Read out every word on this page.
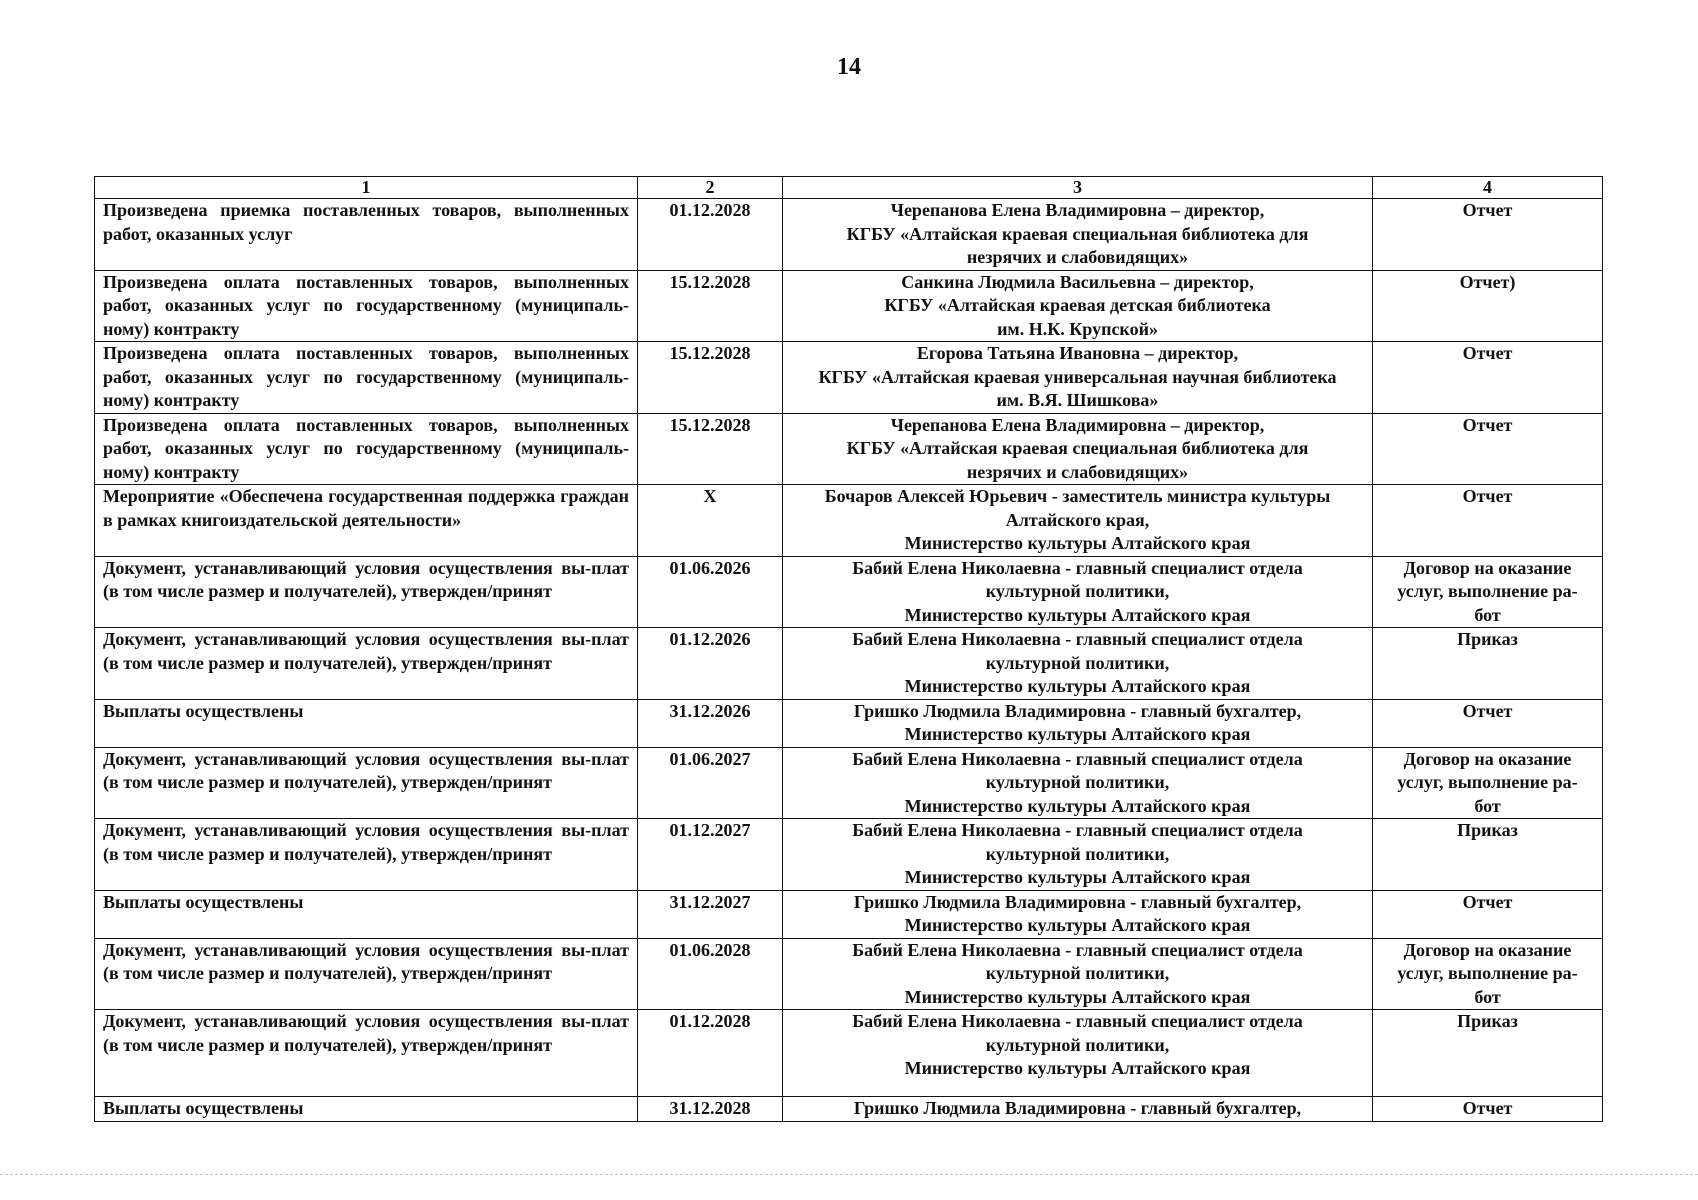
14
1	2	3	4
Произведена приемка поставленных товаров, выполненных работ, оказанных услуг	01.12.2028	Черепанова Елена Владимировна – директор,
КГБУ «Алтайская краевая специальная библиотека для
незрячих и слабовидящих»	Отчет

Произведена оплата поставленных товаров, выполненных работ, оказанных услуг по государственному (муниципаль-ному) контракту	15.12.2028	Санкина Людмила Васильевна – директор,
КГБУ «Алтайская краевая детская библиотека
им. Н.К. Крупской»	Отчет)

Произведена оплата поставленных товаров, выполненных работ, оказанных услуг по государственному (муниципаль-ному) контракту	15.12.2028	Егорова Татьяна Ивановна – директор,
КГБУ «Алтайская краевая универсальная научная библиотека
им. В.Я. Шишкова»	Отчет

Произведена оплата поставленных товаров, выполненных работ, оказанных услуг по государственному (муниципаль-ному) контракту	15.12.2028	Черепанова Елена Владимировна – директор,
КГБУ «Алтайская краевая специальная библиотека для
незрячих и слабовидящих»	Отчет

Мероприятие «Обеспечена государственная поддержка граждан в рамках книгоиздательской деятельности»	Х	Бочаров Алексей Юрьевич - заместитель министра культуры
Алтайского края,
Министерство культуры Алтайского края	Отчет

Документ, устанавливающий условия осуществления вы-плат (в том числе размер и получателей), утвержден/принят	01.06.2026	Бабий Елена Николаевна - главный специалист отдела
культурной политики,
Министерство культуры Алтайского края	Договор на оказание
услуг, выполнение ра-
бот

Документ, устанавливающий условия осуществления вы-плат (в том числе размер и получателей), утвержден/принят	01.12.2026	Бабий Елена Николаевна - главный специалист отдела
культурной политики,
Министерство культуры Алтайского края	Приказ

Выплаты осуществлены	31.12.2026	Гришко Людмила Владимировна - главный бухгалтер,
Министерство культуры Алтайского края	Отчет

Документ, устанавливающий условия осуществления вы-плат (в том числе размер и получателей), утвержден/принят	01.06.2027	Бабий Елена Николаевна - главный специалист отдела
культурной политики,
Министерство культуры Алтайского края	Договор на оказание
услуг, выполнение ра-
бот

Документ, устанавливающий условия осуществления вы-плат (в том числе размер и получателей), утвержден/принят	01.12.2027	Бабий Елена Николаевна - главный специалист отдела
культурной политики,
Министерство культуры Алтайского края	Приказ

Выплаты осуществлены	31.12.2027	Гришко Людмила Владимировна - главный бухгалтер,
Министерство культуры Алтайского края	Отчет

Документ, устанавливающий условия осуществления вы-плат (в том числе размер и получателей), утвержден/принят	01.06.2028	Бабий Елена Николаевна - главный специалист отдела
культурной политики,
Министерство культуры Алтайского края	Договор на оказание
услуг, выполнение ра-
бот

Документ, устанавливающий условия осуществления вы-плат (в том числе размер и получателей), утвержден/принят	01.12.2028	Бабий Елена Николаевна - главный специалист отдела
культурной политики,
Министерство культуры Алтайского края	Приказ

Выплаты осуществлены	31.12.2028	Гришко Людмила Владимировна - главный бухгалтер,	Отчет
